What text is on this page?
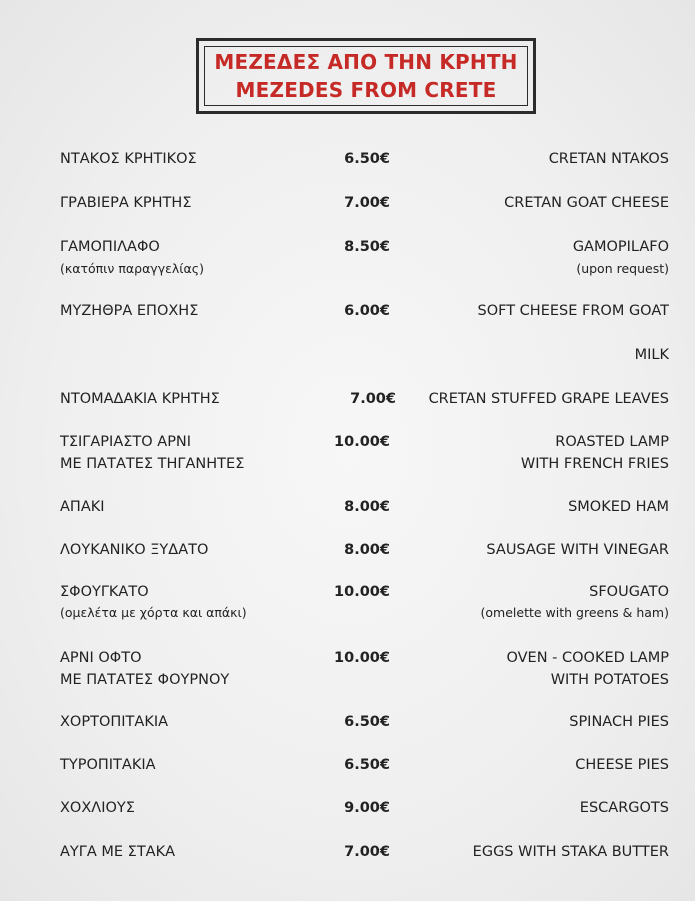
ΜΕΖΕΔΕΣ ΑΠΟ ΤΗΝ ΚΡΗΤΗ
MEZEDES FROM CRETE
ΝΤΑΚΟΣ ΚΡΗΤΙΚΟΣ	6.50€	CRETAN NTAKOS
ΓΡΑΒΙΕΡΑ ΚΡΗΤΗΣ	7.00€	CRETAN GOAT CHEESE
ΓΑΜΟΠΙΛΑΦΟ	8.50€	GAMOPILAFO
(κατόπιν παραγγελίας)	(upon request)
ΜΥΖΗΘΡΑ ΕΠΟΧΗΣ	6.00€	SOFT CHEESE FROM GOAT
MILK
ΝΤΟΜΑΔΑΚΙΑ ΚΡΗΤΗΣ	7.00€ CRETAN STUFFED GRAPE LEAVES
ΤΣΙΓΑΡΙΑΣΤΟ ΑΡΝΙ	10.00€	ROASTED LAMP
ΜΕ ΠΑΤΑΤΕΣ ΤΗΓΑΝΗΤΕΣ	WITH FRENCH FRIES
ΑΠΑΚΙ	8.00€	SMOKED HAM
ΛΟΥΚΑΝΙΚΟ ΞΥΔΑΤΟ	8.00€	SAUSAGE WITH VINEGAR
ΣΦΟΥΓΚΑΤΟ	10.00€	SFOUGATO
(ομελέτα με χόρτα και απάκι)	(omelette with greens & ham)
ΑΡΝΙ ΟΦΤΟ	10.00€	OVEN - COOKED LAMP
ΜΕ ΠΑΤΑΤΕΣ ΦΟΥΡΝΟΥ	WITH POTATOES
ΧΟΡΤΟΠΙΤΑΚΙΑ	6.50€	SPINACH PIES
ΤΥΡΟΠΙΤΑΚΙΑ	6.50€	CHEESE PIES
ΧΟΧΛΙΟΥΣ	9.00€	ESCARGOTS
ΑΥΓΑ ΜΕ ΣΤΑΚΑ	7.00€	EGGS WITH STAKA BUTTER
